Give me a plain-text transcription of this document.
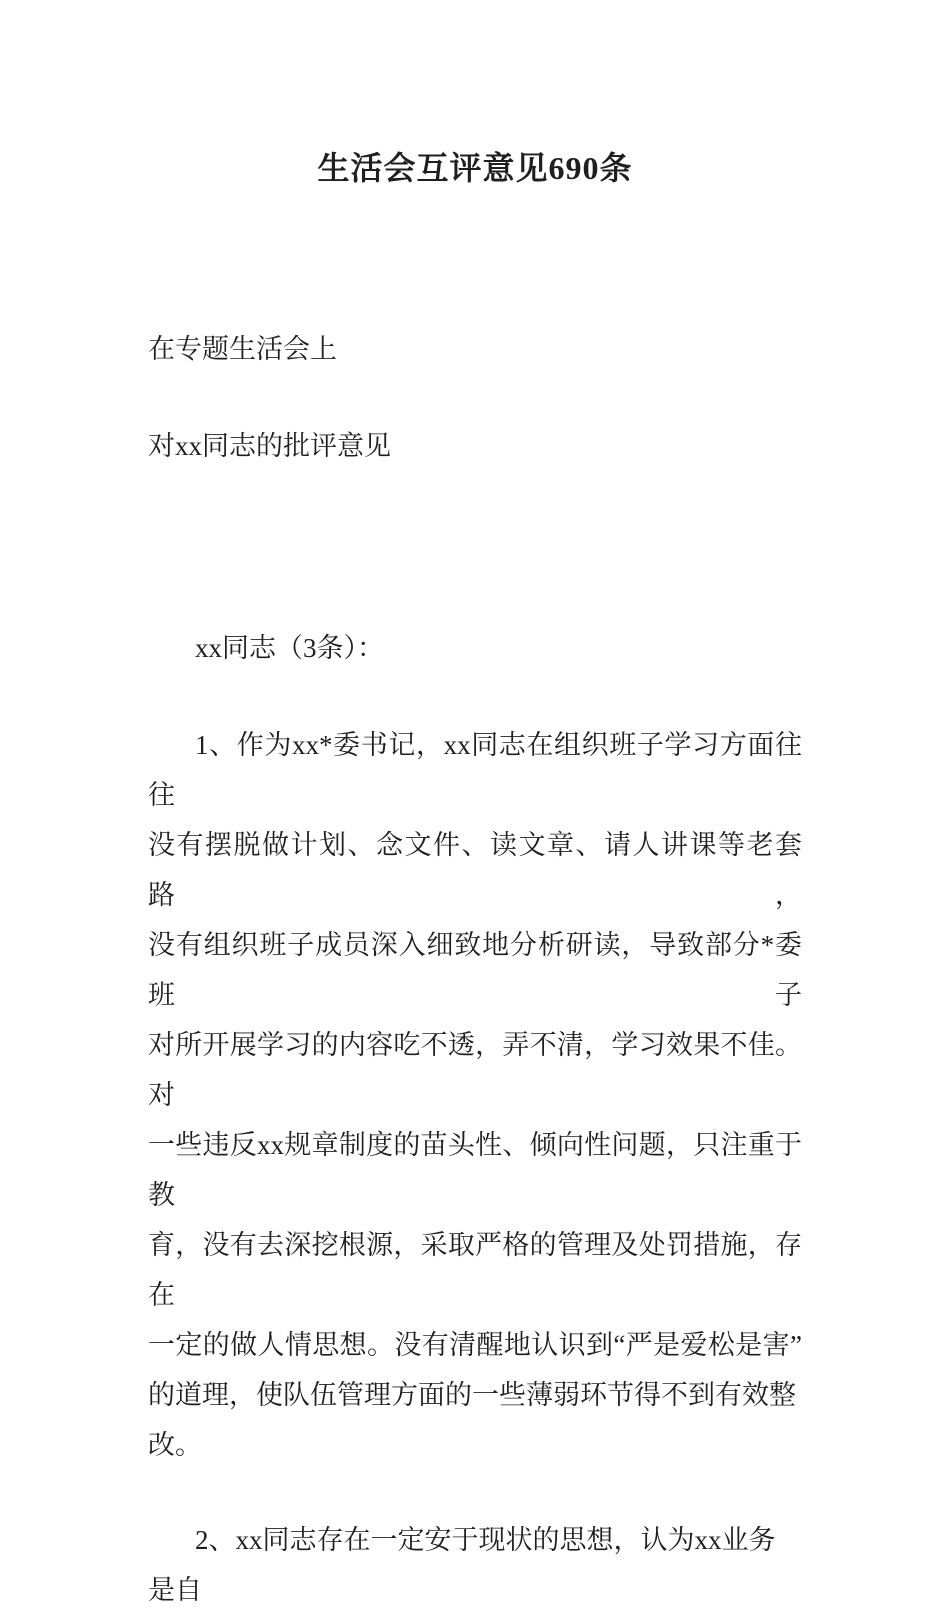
生活会互评意见690条
在专题生活会上
对xx同志的批评意见
xx同志（3条）：
1、作为xx*委书记，xx同志在组织班子学习方面往往
没有摆脱做计划、念文件、读文章、请人讲课等老套路，
没有组织班子成员深入细致地分析研读，导致部分*委班子
对所开展学习的内容吃不透，弄不清，学习效果不佳。对
一些违反xx规章制度的苗头性、倾向性问题，只注重于教
育，没有去深挖根源，采取严格的管理及处罚措施，存在
一定的做人情思想。没有清醒地认识到“严是爱松是害”
的道理，使队伍管理方面的一些薄弱环节得不到有效整改。
2、xx同志存在一定安于现状的思想，认为xx业务是自
